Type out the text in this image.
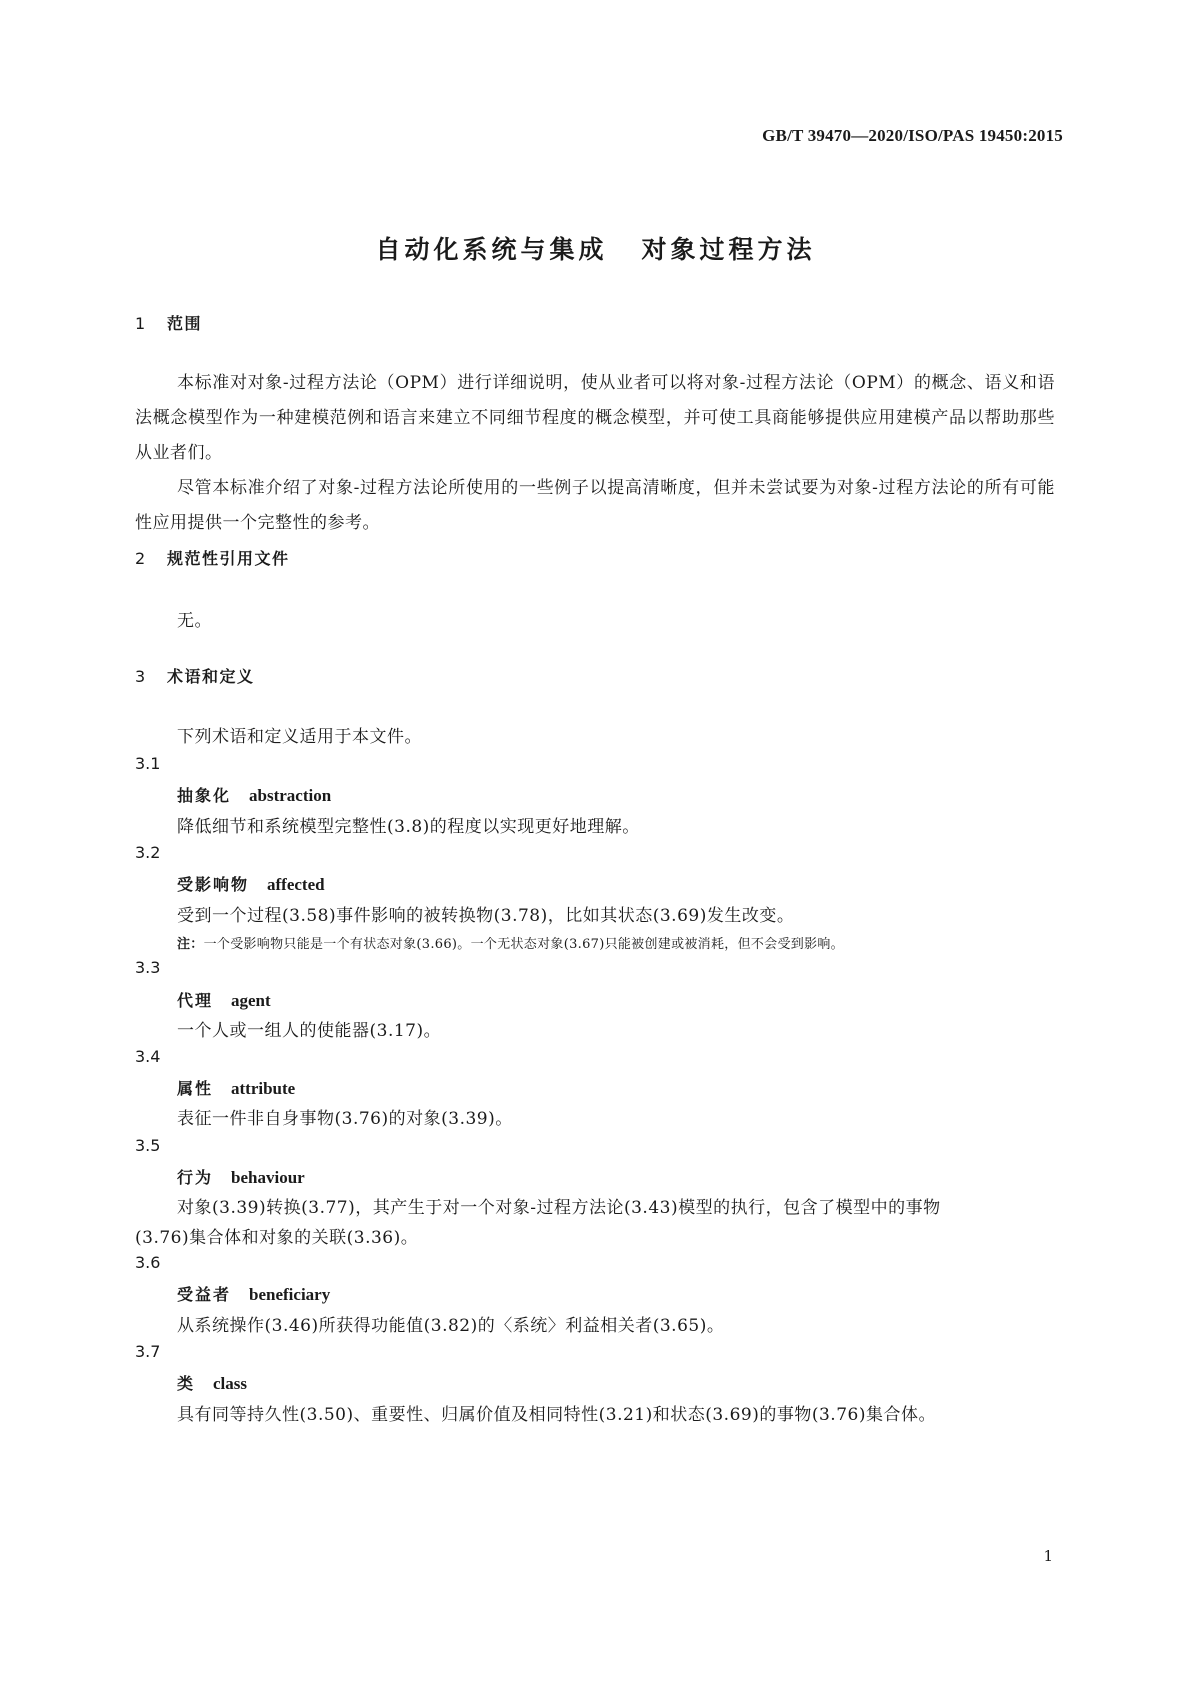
GB/T 39470—2020/ISO/PAS 19450:2015
自动化系统与集成 对象过程方法
1 范围
本标准对对象-过程方法论（OPM）进行详细说明，使从业者可以将对象-过程方法论（OPM）的概念、语义和语法概念模型作为一种建模范例和语言来建立不同细节程度的概念模型，并可使工具商能够提供应用建模产品以帮助那些从业者们。
尽管本标准介绍了对象-过程方法论所使用的一些例子以提高清晰度，但并未尝试要为对象-过程方法论的所有可能性应用提供一个完整性的参考。
2 规范性引用文件
无。
3 术语和定义
下列术语和定义适用于本文件。
3.1
抽象化 abstraction
降低细节和系统模型完整性(3.8)的程度以实现更好地理解。
3.2
受影响物 affected
受到一个过程(3.58)事件影响的被转换物(3.78)，比如其状态(3.69)发生改变。
注：一个受影响物只能是一个有状态对象(3.66)。一个无状态对象(3.67)只能被创建或被消耗，但不会受到影响。
3.3
代理 agent
一个人或一组人的使能器(3.17)。
3.4
属性 attribute
表征一件非自身事物(3.76)的对象(3.39)。
3.5
行为 behaviour
对象(3.39)转换(3.77)，其产生于对一个对象-过程方法论(3.43)模型的执行，包含了模型中的事物
(3.76)集合体和对象的关联(3.36)。
3.6
受益者 beneficiary
从系统操作(3.46)所获得功能值(3.82)的〈系统〉利益相关者(3.65)。
3.7
类 class
具有同等持久性(3.50)、重要性、归属价值及相同特性(3.21)和状态(3.69)的事物(3.76)集合体。
1
